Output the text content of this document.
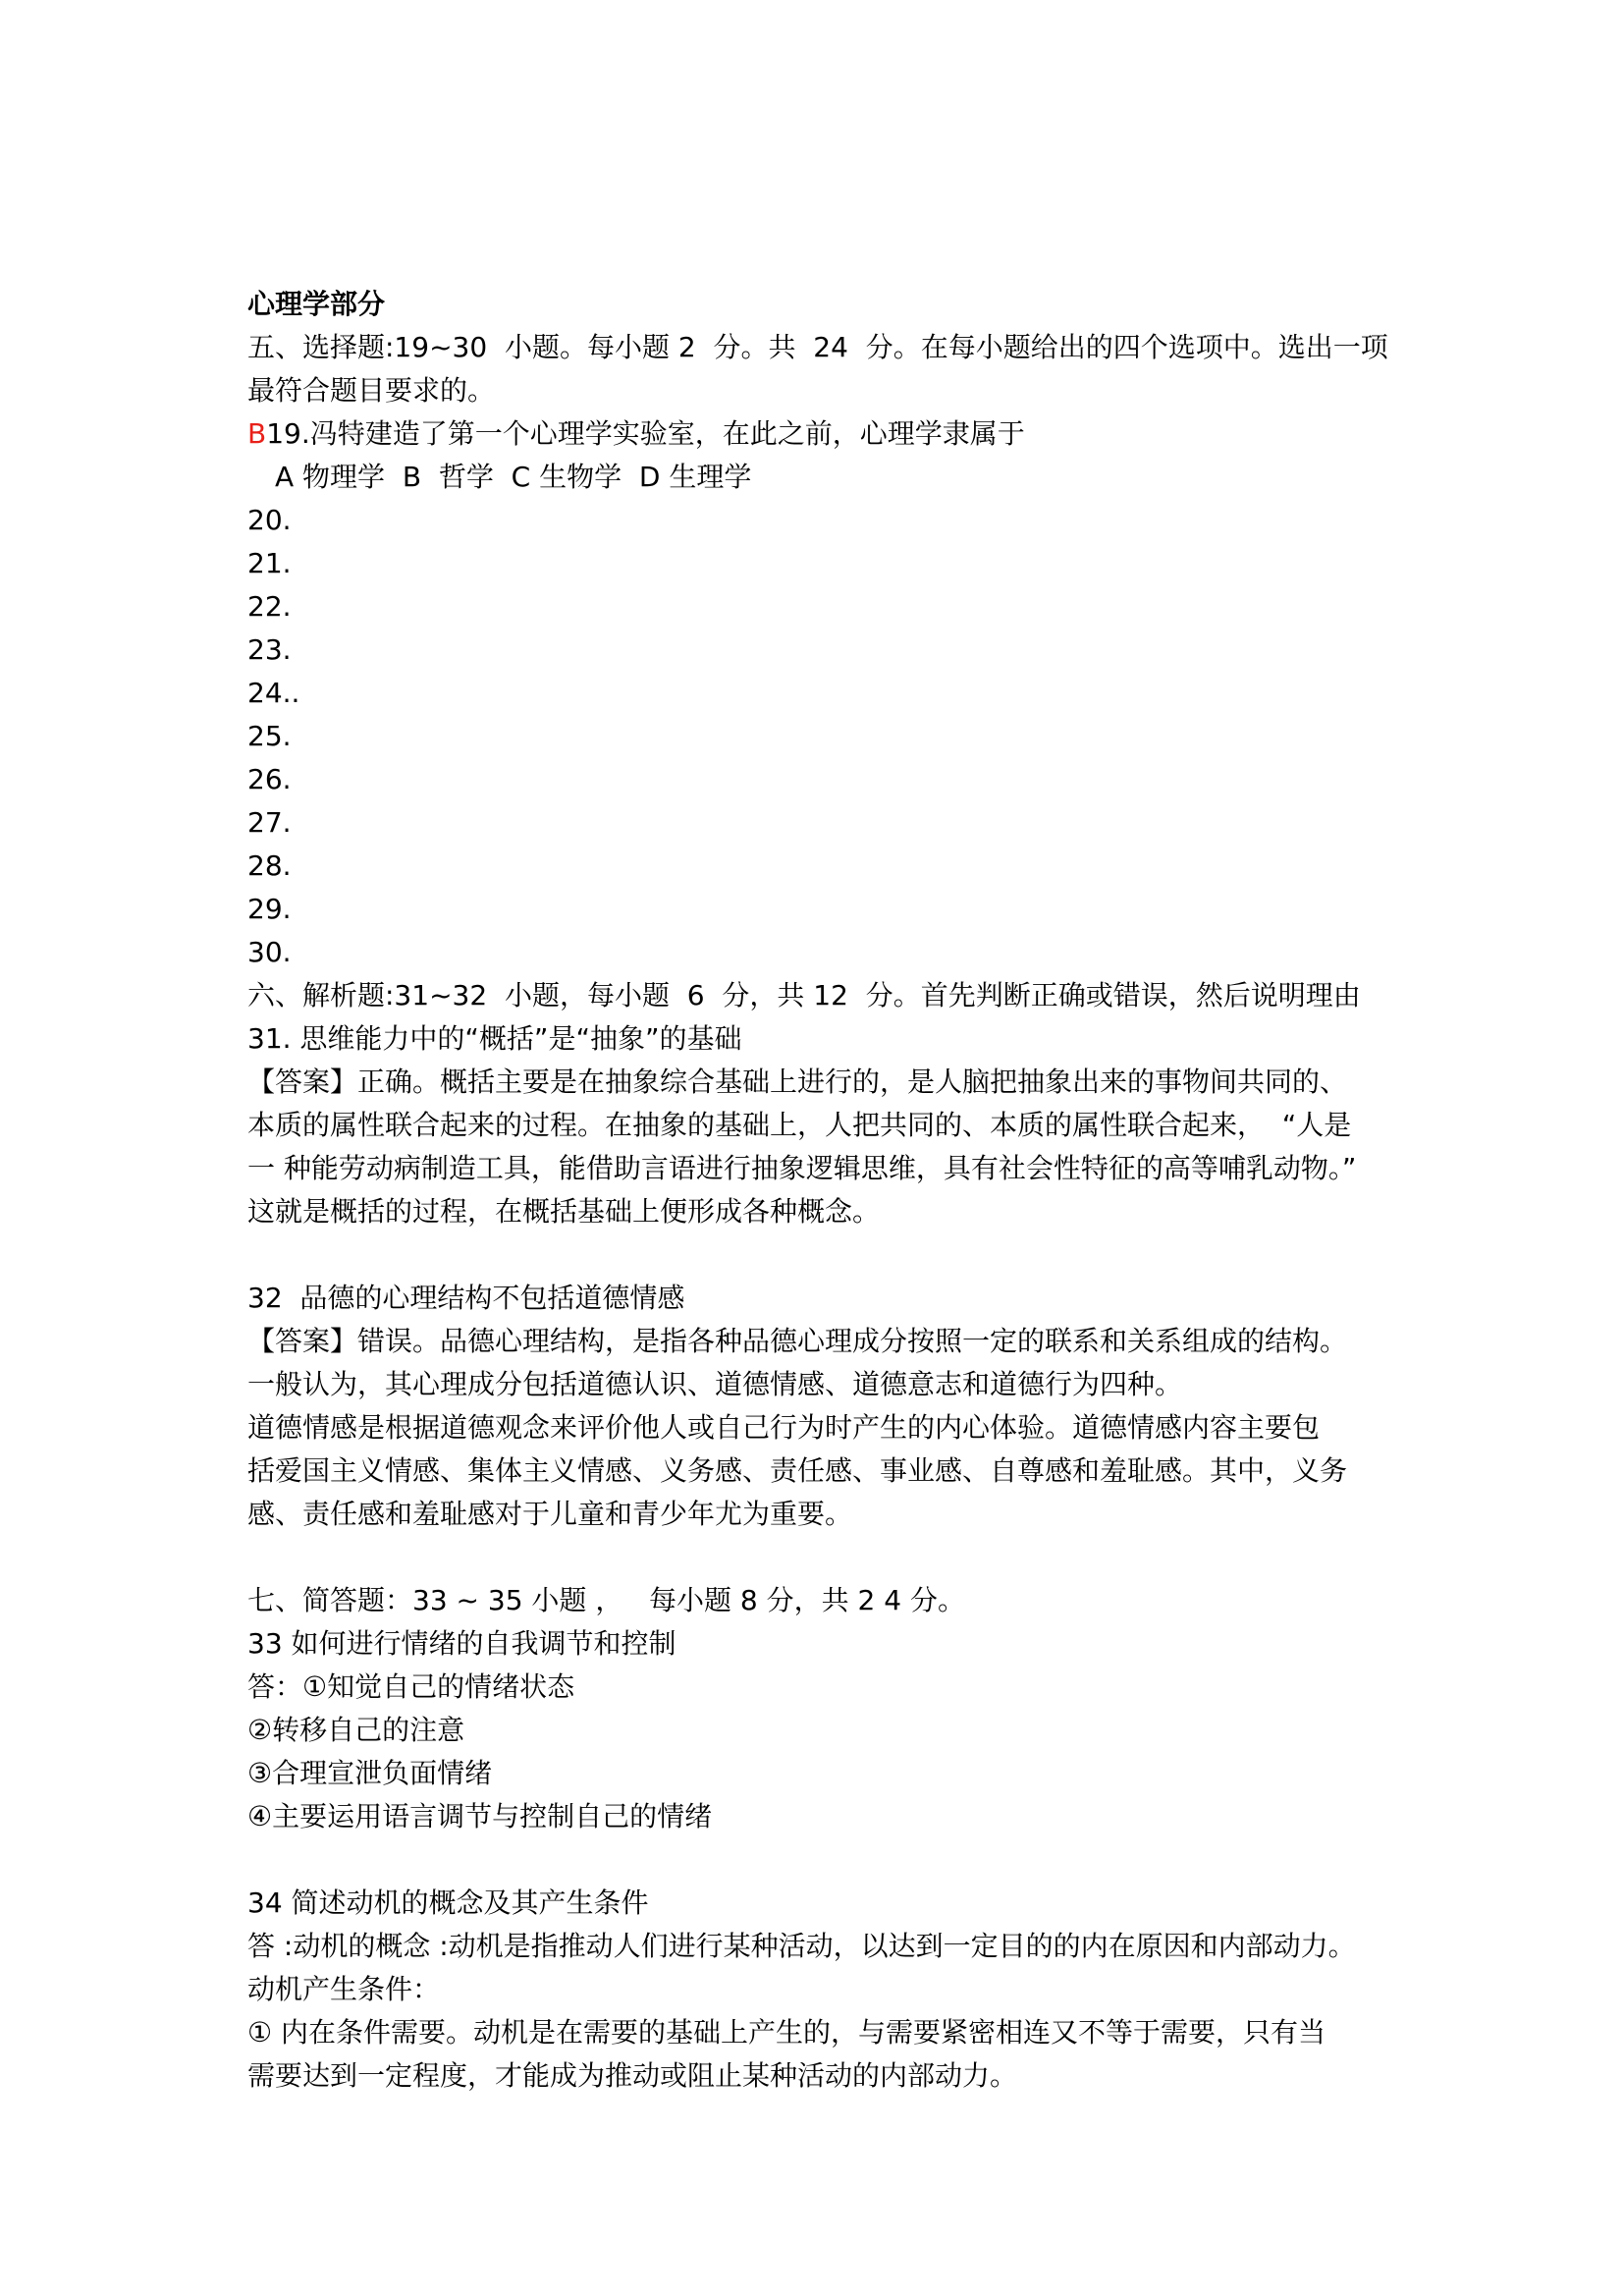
心理学部分
五、选择题:19~30  小题。每小题 2  分。共  24  分。在每小题给出的四个选项中。选出一项
最符合题目要求的。
B19.冯特建造了第一个心理学实验室，在此之前，心理学隶属于
A 物理学  B  哲学  C 生物学  D 生理学
20.
21.
22.
23.
24..
25.
26.
27.
28.
29.
30.
六、解析题:31~32  小题，每小题  6  分，共 12  分。首先判断正确或错误，然后说明理由
31. 思维能力中的“概括”是“抽象”的基础
【答案】正确。概括主要是在抽象综合基础上进行的，是人脑把抽象出来的事物间共同的、
本质的属性联合起来的过程。在抽象的基础上，人把共同的、本质的属性联合起来，  “人是
一 种能劳动病制造工具，能借助言语进行抽象逻辑思维，具有社会性特征的高等哺乳动物。”
这就是概括的过程，在概括基础上便形成各种概念。
32  品德的心理结构不包括道德情感
【答案】错误。品德心理结构，是指各种品德心理成分按照一定的联系和关系组成的结构。
一般认为，其心理成分包括道德认识、道德情感、道德意志和道德行为四种。
道德情感是根据道德观念来评价他人或自己行为时产生的内心体验。道德情感内容主要包
括爱国主义情感、集体主义情感、义务感、责任感、事业感、自尊感和羞耻感。其中，义务
感、责任感和羞耻感对于儿童和青少年尤为重要。
七、简答题：33 ~ 35 小题 ，   每小题 8 分，共 2 4 分。
33 如何进行情绪的自我调节和控制
答：①知觉自己的情绪状态
②转移自己的注意
③合理宣泄负面情绪
④主要运用语言调节与控制自己的情绪
34 简述动机的概念及其产生条件
答 :动机的概念 :动机是指推动人们进行某种活动，以达到一定目的的内在原因和内部动力。
动机产生条件：
① 内在条件需要。动机是在需要的基础上产生的，与需要紧密相连又不等于需要，只有当
需要达到一定程度，才能成为推动或阻止某种活动的内部动力。
